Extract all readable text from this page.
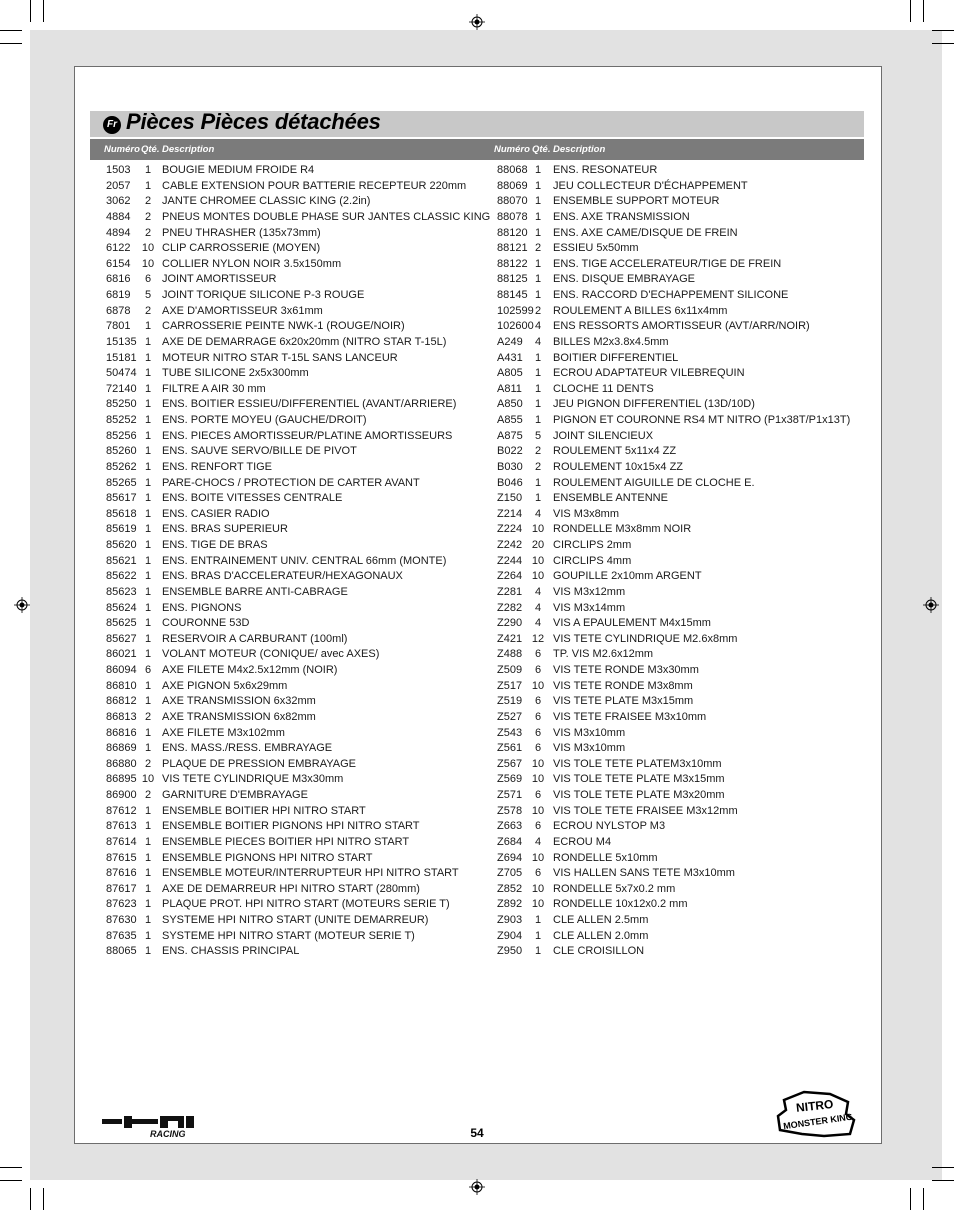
Fr Pièces Pièces détachées
Numéro Qté. Description	Numéro Qté. Description
1503	1 BOUGIE MEDIUM FROIDE R4
2057	1 CABLE EXTENSION POUR BATTERIE RECEPTEUR 220mm
3062	2 JANTE CHROMEE CLASSIC KING (2.2in)
4884	2 PNEUS MONTES DOUBLE PHASE SUR JANTES CLASSIC KING
4894	2 PNEU THRASHER (135x73mm)
6122 10 CLIP CARROSSERIE (MOYEN)
6154 10 COLLIER NYLON NOIR 3.5x150mm
6816	6 JOINT AMORTISSEUR
6819	5 JOINT TORIQUE SILICONE P-3 ROUGE
6878	2 AXE D'AMORTISSEUR 3x61mm
7801	1 CARROSSERIE PEINTE NWK-1 (ROUGE/NOIR)
15135 1 AXE DE DEMARRAGE 6x20x20mm (NITRO STAR T-15L)
15181 1 MOTEUR NITRO STAR T-15L SANS LANCEUR
50474 1 TUBE SILICONE 2x5x300mm
72140 1 FILTRE A AIR 30 mm
85250 1 ENS. BOITIER ESSIEU/DIFFERENTIEL (AVANT/ARRIERE)
85252 1 ENS. PORTE MOYEU (GAUCHE/DROIT)
85256 1 ENS. PIECES AMORTISSEUR/PLATINE AMORTISSEURS
85260 1 ENS. SAUVE SERVO/BILLE DE PIVOT
85262 1 ENS. RENFORT TIGE
85265 1 PARE-CHOCS / PROTECTION DE CARTER AVANT
85617 1 ENS. BOITE VITESSES CENTRALE
85618 1 ENS. CASIER RADIO
85619 1 ENS. BRAS SUPERIEUR
85620 1 ENS. TIGE DE BRAS
85621 1 ENS. ENTRAINEMENT UNIV. CENTRAL 66mm (MONTE)
85622 1 ENS. BRAS D'ACCELERATEUR/HEXAGONAUX
85623 1 ENSEMBLE BARRE ANTI-CABRAGE
85624 1 ENS. PIGNONS
85625 1 COURONNE 53D
85627 1 RESERVOIR A CARBURANT (100ml)
86021 1 VOLANT MOTEUR (CONIQUE/ avec AXES)
86094 6 AXE FILETE M4x2.5x12mm (NOIR)
86810 1 AXE PIGNON 5x6x29mm
86812 1 AXE TRANSMISSION 6x32mm
86813 2 AXE TRANSMISSION 6x82mm
86816 1 AXE FILETE M3x102mm
86869 1 ENS. MASS./RESS. EMBRAYAGE
86880 2 PLAQUE DE PRESSION EMBRAYAGE
86895 10 VIS TETE CYLINDRIQUE M3x30mm
86900 2 GARNITURE D'EMBRAYAGE
87612 1 ENSEMBLE BOITIER HPI NITRO START
87613 1 ENSEMBLE BOITIER PIGNONS HPI NITRO START
87614 1 ENSEMBLE PIECES BOITIER HPI NITRO START
87615 1 ENSEMBLE PIGNONS HPI NITRO START
87616 1 ENSEMBLE MOTEUR/INTERRUPTEUR HPI NITRO START
87617 1 AXE DE DEMARREUR HPI NITRO START (280mm)
87623 1 PLAQUE PROT. HPI NITRO START (MOTEURS SERIE T)
87630 1 SYSTEME HPI NITRO START (UNITE DEMARREUR)
87635 1 SYSTEME HPI NITRO START (MOTEUR SERIE T)
88065 1 ENS. CHASSIS PRINCIPAL
88068 1	ENS. RESONATEUR
88069 1	JEU COLLECTEUR D'ÉCHAPPEMENT
88070 1	ENSEMBLE SUPPORT MOTEUR
88078 1	ENS. AXE TRANSMISSION
88120 1	ENS. AXE CAME/DISQUE DE FREIN
88121 2	ESSIEU 5x50mm
88122 1	ENS. TIGE ACCELERATEUR/TIGE DE FREIN
88125 1	ENS. DISQUE EMBRAYAGE
88145 1	ENS. RACCORD D'ECHAPPEMENT SILICONE
102599 2	ROULEMENT A BILLES 6x11x4mm
102600 4	ENS RESSORTS AMORTISSEUR (AVT/ARR/NOIR)
A249	4	BILLES M2x3.8x4.5mm
A431	1	BOITIER DIFFERENTIEL
A805	1	ECROU ADAPTATEUR VILEBREQUIN
A811	1	CLOCHE 11 DENTS
A850	1	JEU PIGNON DIFFERENTIEL (13D/10D)
A855	1	PIGNON ET COURONNE RS4 MT NITRO (P1x38T/P1x13T)
A875	5	JOINT SILENCIEUX
B022	2	ROULEMENT 5x11x4 ZZ
B030	2	ROULEMENT 10x15x4 ZZ
B046	1	ROULEMENT AIGUILLE DE CLOCHE E.
Z150	1	ENSEMBLE ANTENNE
Z214	4	VIS M3x8mm
Z224 10 RONDELLE M3x8mm NOIR
Z242 20 CIRCLIPS 2mm
Z244 10 CIRCLIPS 4mm
Z264 10 GOUPILLE 2x10mm ARGENT
Z281	4	VIS M3x12mm
Z282	4	VIS M3x14mm
Z290	4	VIS A EPAULEMENT M4x15mm
Z421 12 VIS TETE CYLINDRIQUE M2.6x8mm
Z488	6	TP. VIS M2.6x12mm
Z509	6	VIS TETE RONDE M3x30mm
Z517 10 VIS TETE RONDE M3x8mm
Z519	6	VIS TETE PLATE M3x15mm
Z527	6	VIS TETE FRAISEE M3x10mm
Z543	6	VIS M3x10mm
Z561	6	VIS M3x10mm
Z567 10 VIS TOLE TETE PLATEM3x10mm
Z569 10 VIS TOLE TETE PLATE M3x15mm
Z571	6	VIS TOLE TETE PLATE M3x20mm
Z578 10 VIS TOLE TETE FRAISEE M3x12mm
Z663	6	ECROU NYLSTOP M3
Z684	4	ECROU M4
Z694 10 RONDELLE 5x10mm
Z705	6	VIS HALLEN SANS TETE M3x10mm
Z852 10 RONDELLE 5x7x0.2 mm
Z892 10 RONDELLE 10x12x0.2 mm
Z903	1	CLE ALLEN 2.5mm
Z904	1	CLE ALLEN 2.0mm
Z950	1	CLE CROISILLON
RACING	54
NITRO
MONSTER KING
